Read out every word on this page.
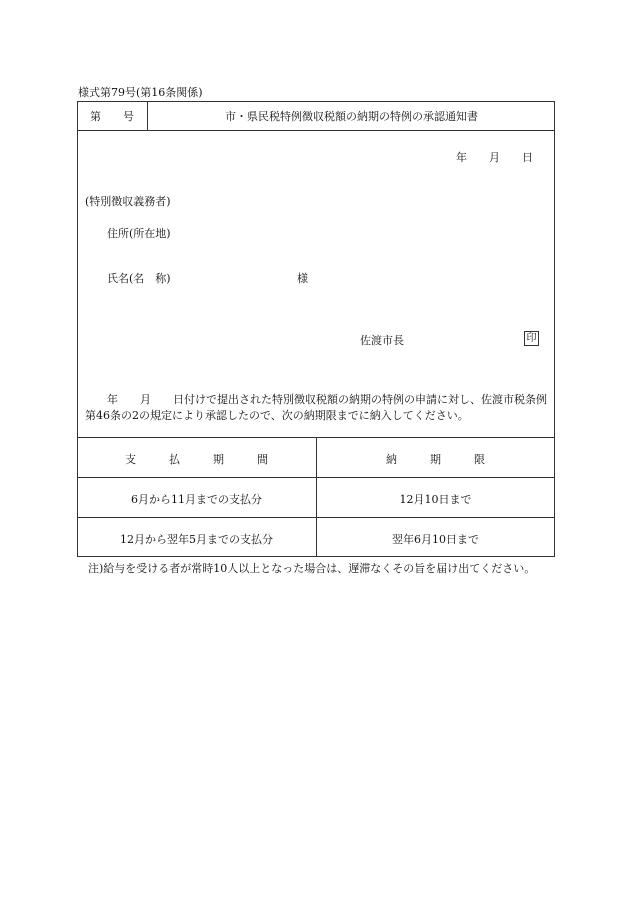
様式第79号(第16条関係)
第　　号	市・県民税特例徴収税額の納期の特例の承認通知書
年　　月　　日
(特別徴収義務者)
住所(所在地)
氏名(名　称)	様
佐渡市長	印
　　年　　月　　日付けで提出された特別徴収税額の納期の特例の申請に対し、佐渡市税条例第46条の2の規定により承認したので、次の納期限までに納入してください。
支　　　払　　　期　　　間	納　　　期　　　限
6月から11月までの支払分	12月10日まで
12月から翌年5月までの支払分	翌年6月10日まで
注)給与を受ける者が常時10人以上となった場合は、遅滞なくその旨を届け出てください。
